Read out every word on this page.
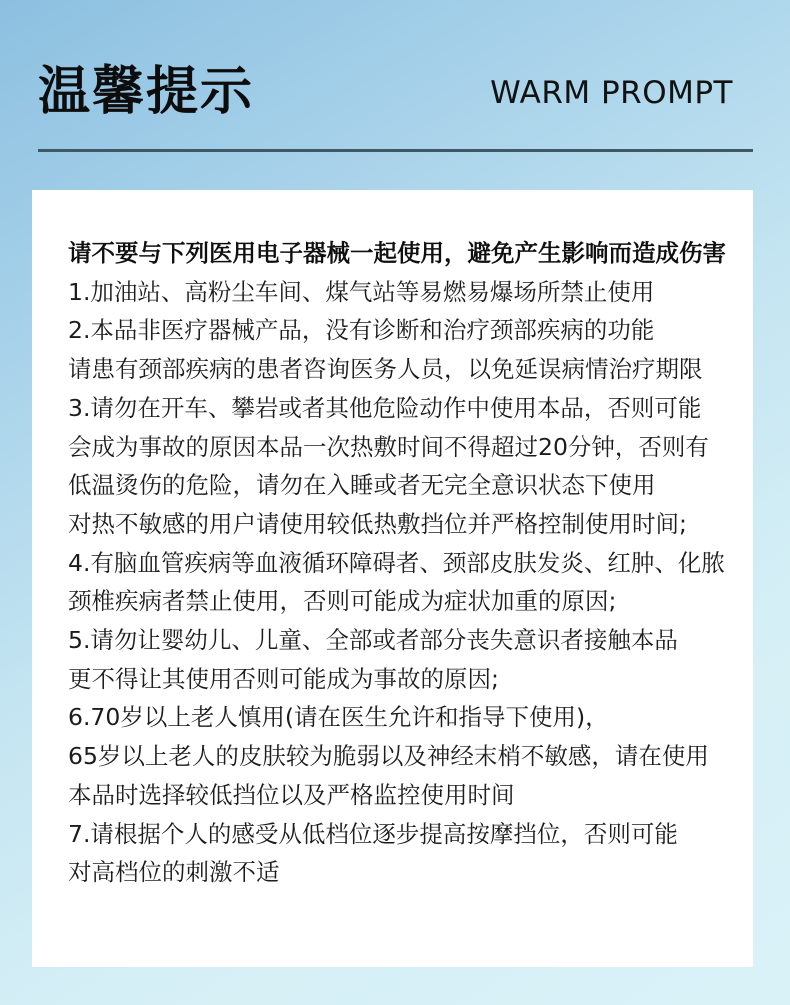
温馨提示	WARM PROMPT
请不要与下列医用电子器械一起使用，避免产生影响而造成伤害
1.加油站、高粉尘车间、煤气站等易燃易爆场所禁止使用
2.本品非医疗器械产品，没有诊断和治疗颈部疾病的功能
请患有颈部疾病的患者咨询医务人员，以免延误病情治疗期限
3.请勿在开车、攀岩或者其他危险动作中使用本品，否则可能
会成为事故的原因本品一次热敷时间不得超过20分钟，否则有
低温烫伤的危险，请勿在入睡或者无完全意识状态下使用
对热不敏感的用户请使用较低热敷挡位并严格控制使用时间;
4.有脑血管疾病等血液循环障碍者、颈部皮肤发炎、红肿、化脓
颈椎疾病者禁止使用，否则可能成为症状加重的原因;
5.请勿让婴幼儿、儿童、全部或者部分丧失意识者接触本品
更不得让其使用否则可能成为事故的原因;
6.70岁以上老人慎用(请在医生允许和指导下使用)，
65岁以上老人的皮肤较为脆弱以及神经末梢不敏感，请在使用
本品时选择较低挡位以及严格监控使用时间
7.请根据个人的感受从低档位逐步提高按摩挡位，否则可能
对高档位的刺激不适
